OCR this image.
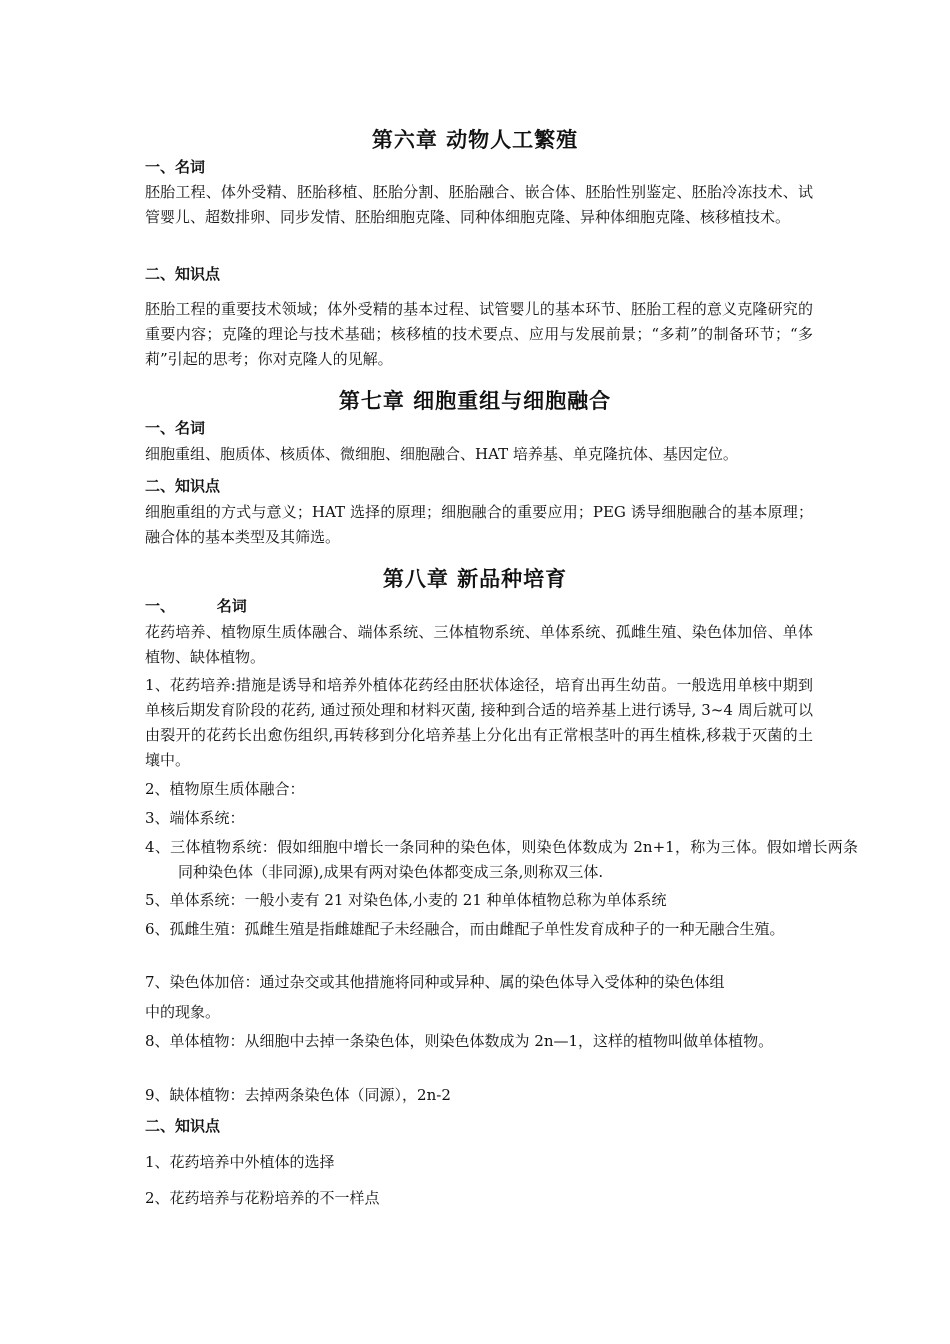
第六章 动物人工繁殖
一、名词
胚胎工程、体外受精、胚胎移植、胚胎分割、胚胎融合、嵌合体、胚胎性别鉴定、胚胎冷冻技术、试管婴儿、超数排卵、同步发情、胚胎细胞克隆、同种体细胞克隆、异种体细胞克隆、核移植技术。
二、知识点
胚胎工程的重要技术领域；体外受精的基本过程、试管婴儿的基本环节、胚胎工程的意义克隆研究的重要内容；克隆的理论与技术基础；核移植的技术要点、应用与发展前景；“多莉”的制备环节；“多莉”引起的思考；你对克隆人的见解。
第七章 细胞重组与细胞融合
一、名词
细胞重组、胞质体、核质体、微细胞、细胞融合、HAT 培养基、单克隆抗体、基因定位。
二、知识点
细胞重组的方式与意义；HAT 选择的原理；细胞融合的重要应用；PEG 诱导细胞融合的基本原理；融合体的基本类型及其筛选。
第八章 新品种培育
一、        名词
花药培养、植物原生质体融合、端体系统、三体植物系统、单体系统、孤雌生殖、染色体加倍、单体植物、缺体植物。
1、花药培养:措施是诱导和培养外植体花药经由胚状体途径，培育出再生幼苗。一般选用单核中期到单核后期发育阶段的花药, 通过预处理和材料灭菌, 接种到合适的培养基上进行诱导, 3~4 周后就可以由裂开的花药长出愈伤组织,再转移到分化培养基上分化出有正常根茎叶的再生植株,移栽于灭菌的土壤中。
2、植物原生质体融合：
3、端体系统：
4、三体植物系统：假如细胞中增长一条同种的染色体，则染色体数成为 2n+1，称为三体。假如增长两条同种染色体（非同源),成果有两对染色体都变成三条,则称双三体.
5、单体系统：一般小麦有 21 对染色体,小麦的 21 种单体植物总称为单体系统
6、孤雌生殖：孤雌生殖是指雌雄配子未经融合，而由雌配子单性发育成种子的一种无融合生殖。
7、染色体加倍：通过杂交或其他措施将同种或异种、属的染色体导入受体种的染色体组
中的现象。
8、单体植物：从细胞中去掉一条染色体，则染色体数成为 2n—1，这样的植物叫做单体植物。
9、缺体植物：去掉两条染色体（同源），2n-2
二、知识点
1、花药培养中外植体的选择
2、花药培养与花粉培养的不一样点
